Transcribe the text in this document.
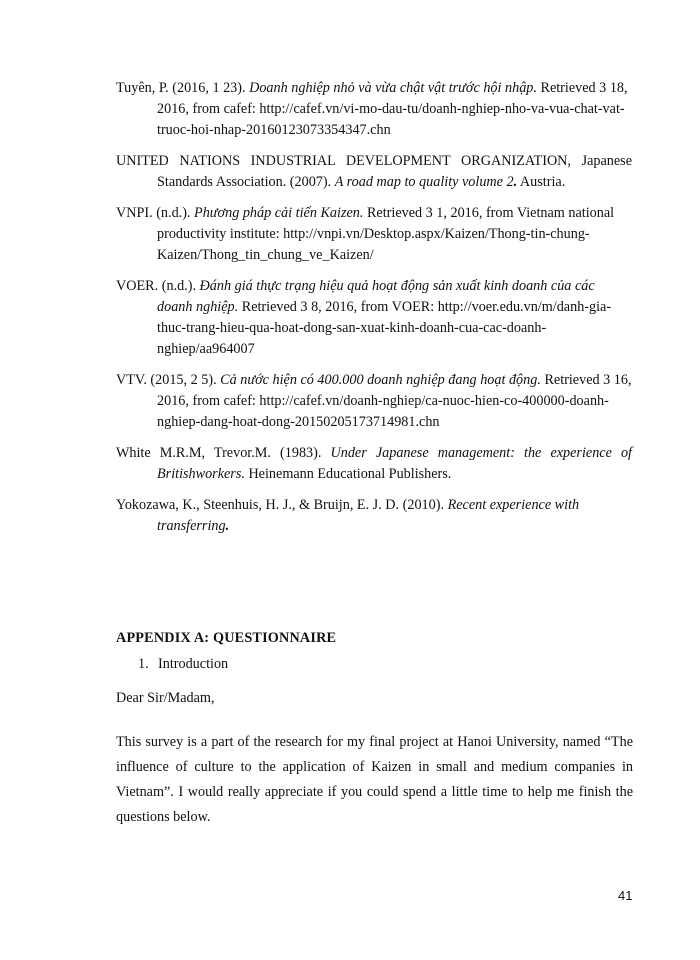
Tuyên, P. (2016, 1 23). Doanh nghiệp nhỏ và vừa chật vật trước hội nhập. Retrieved 3 18, 2016, from cafef: http://cafef.vn/vi-mo-dau-tu/doanh-nghiep-nho-va-vua-chat-vat-truoc-hoi-nhap-20160123073354347.chn

UNITED NATIONS INDUSTRIAL DEVELOPMENT ORGANIZATION, Japanese Standards Association. (2007). A road map to quality volume 2. Austria.

VNPI. (n.d.). Phương pháp cải tiến Kaizen. Retrieved 3 1, 2016, from Vietnam national productivity institute: http://vnpi.vn/Desktop.aspx/Kaizen/Thong-tin-chung-Kaizen/Thong_tin_chung_ve_Kaizen/

VOER. (n.d.). Đánh giá thực trạng hiệu quả hoạt động sản xuất kinh doanh của các doanh nghiệp. Retrieved 3 8, 2016, from VOER: http://voer.edu.vn/m/danh-gia-thuc-trang-hieu-qua-hoat-dong-san-xuat-kinh-doanh-cua-cac-doanh-nghiep/aa964007

VTV. (2015, 2 5). Cả nước hiện có 400.000 doanh nghiệp đang hoạt động. Retrieved 3 16, 2016, from cafef: http://cafef.vn/doanh-nghiep/ca-nuoc-hien-co-400000-doanh-nghiep-dang-hoat-dong-20150205173714981.chn

White M.R.M, Trevor.M. (1983). Under Japanese management: the experience of Britishworkers. Heinemann Educational Publishers.

Yokozawa, K., Steenhuis, H. J., & Bruijn, E. J. D. (2010). Recent experience with transferring.

APPENDIX A: QUESTIONNAIRE

1. Introduction

Dear Sir/Madam,

This survey is a part of the research for my final project at Hanoi University, named “The influence of culture to the application of Kaizen in small and medium companies in Vietnam”. I would really appreciate if you could spend a little time to help me finish the questions below.

41
